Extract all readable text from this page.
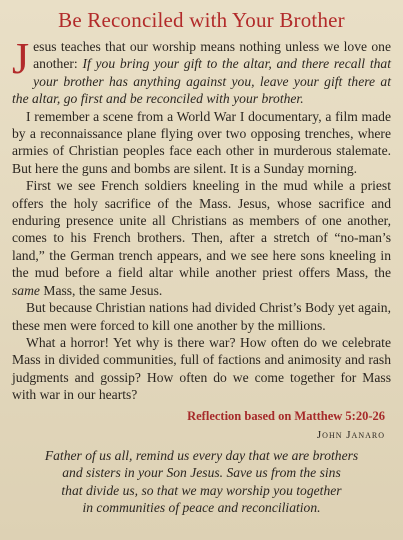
Be Reconciled with Your Brother

Jesus teaches that our worship means nothing unless we love one another: If you bring your gift to the altar, and there recall that your brother has anything against you, leave your gift there at the altar, go first and be reconciled with your brother.

I remember a scene from a World War I documentary, a film made by a reconnaissance plane flying over two opposing trenches, where armies of Christian peoples face each other in murderous stalemate. But here the guns and bombs are silent. It is a Sunday morning.

First we see French soldiers kneeling in the mud while a priest offers the holy sacrifice of the Mass. Jesus, whose sacrifice and enduring presence unite all Christians as members of one another, comes to his French brothers. Then, after a stretch of “no-man’s land,” the German trench appears, and we see here sons kneeling in the mud before a field altar while another priest offers Mass, the same Mass, the same Jesus.

But because Christian nations had divided Christ’s Body yet again, these men were forced to kill one another by the millions.

What a horror! Yet why is there war? How often do we celebrate Mass in divided communities, full of factions and animosity and rash judgments and gossip? How often do we come together for Mass with war in our hearts?

Reflection based on Matthew 5:20-26
John Janaro
Father of us all, remind us every day that we are brothers
and sisters in your Son Jesus. Save us from the sins
that divide us, so that we may worship you together
in communities of peace and reconciliation.
